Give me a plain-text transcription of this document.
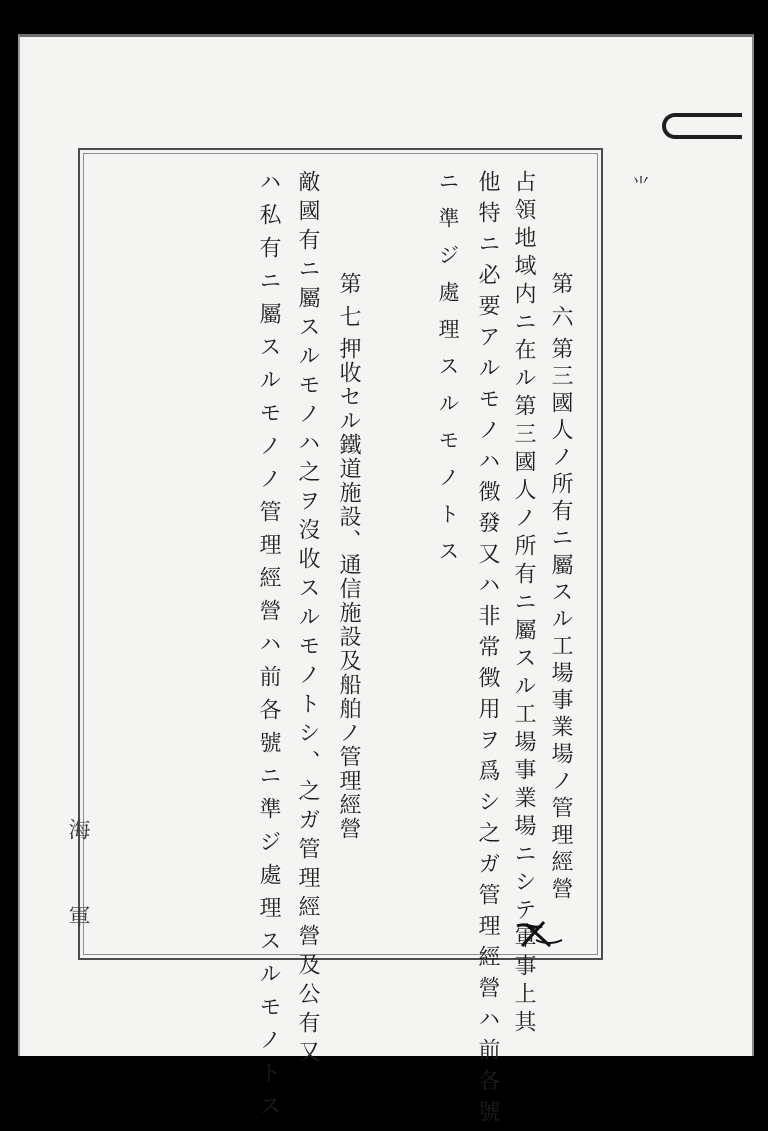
⺌
第六
第三國人ノ所有ニ屬スル工場事業場ノ管理經營
占領地域内ニ在ル第三國人ノ所有ニ屬スル工場事業場ニシテ軍事上其
他特ニ必要アルモノハ徴發又ハ非常徴用ヲ爲シ之ガ管理經營ハ前各號
ニ準ジ處理スルモノトス
第七
押收セル鐵道施設、通信施設及船舶ノ管理經營
敵國有ニ屬スルモノハ之ヲ沒收スルモノトシ、之ガ管理經營及公有又
ハ私有ニ屬スルモノノ管理經營ハ前各號ニ準ジ處理スルモノトス
海
軍
